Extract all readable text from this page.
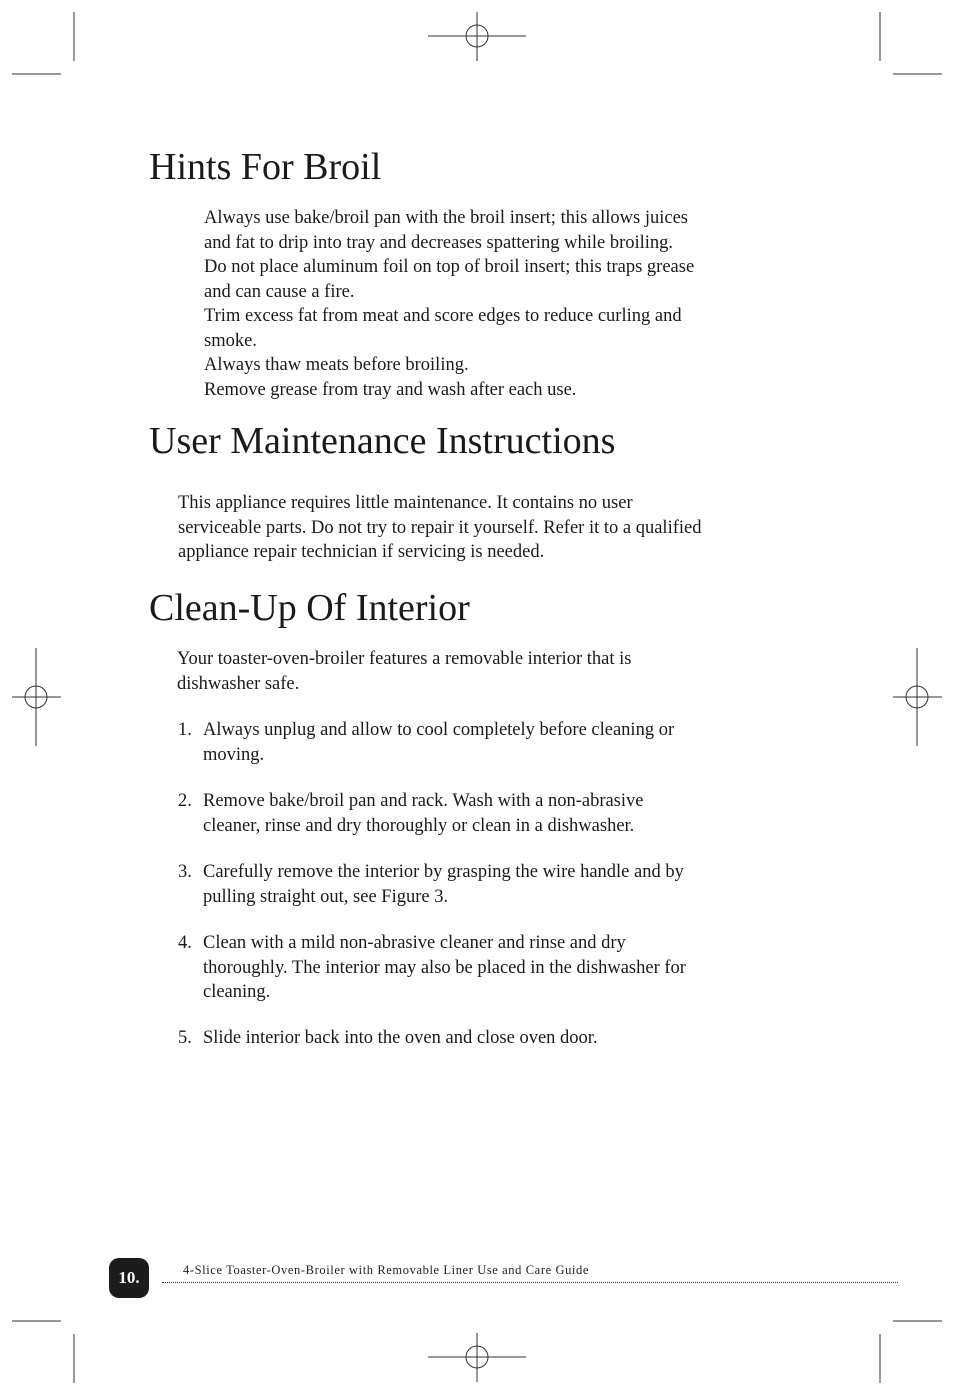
Hints For Broil
Always use bake/broil pan with the broil insert; this allows juices
and fat to drip into tray and decreases spattering while broiling.
Do not place aluminum foil on top of broil insert; this traps grease
and can cause a fire.
Trim excess fat from meat and score edges to reduce curling and
smoke.
Always thaw meats before broiling.
Remove grease from tray and wash after each use.
User Maintenance Instructions
This appliance requires little maintenance. It contains no user
serviceable parts. Do not try to repair it yourself. Refer it to a qualified
appliance repair technician if servicing is needed.
Clean-Up Of Interior
Your toaster-oven-broiler features a removable interior that is
dishwasher safe.
1. Always unplug and allow to cool completely before cleaning or
moving.
2. Remove bake/broil pan and rack. Wash with a non-abrasive
cleaner, rinse and dry thoroughly or clean in a dishwasher.
3. Carefully remove the interior by grasping the wire handle and by
pulling straight out, see Figure 3.
4. Clean with a mild non-abrasive cleaner and rinse and dry
thoroughly. The interior may also be placed in the dishwasher for
cleaning.
5. Slide interior back into the oven and close oven door.
10.	4-Slice Toaster-Oven-Broiler with Removable Liner Use and Care Guide
